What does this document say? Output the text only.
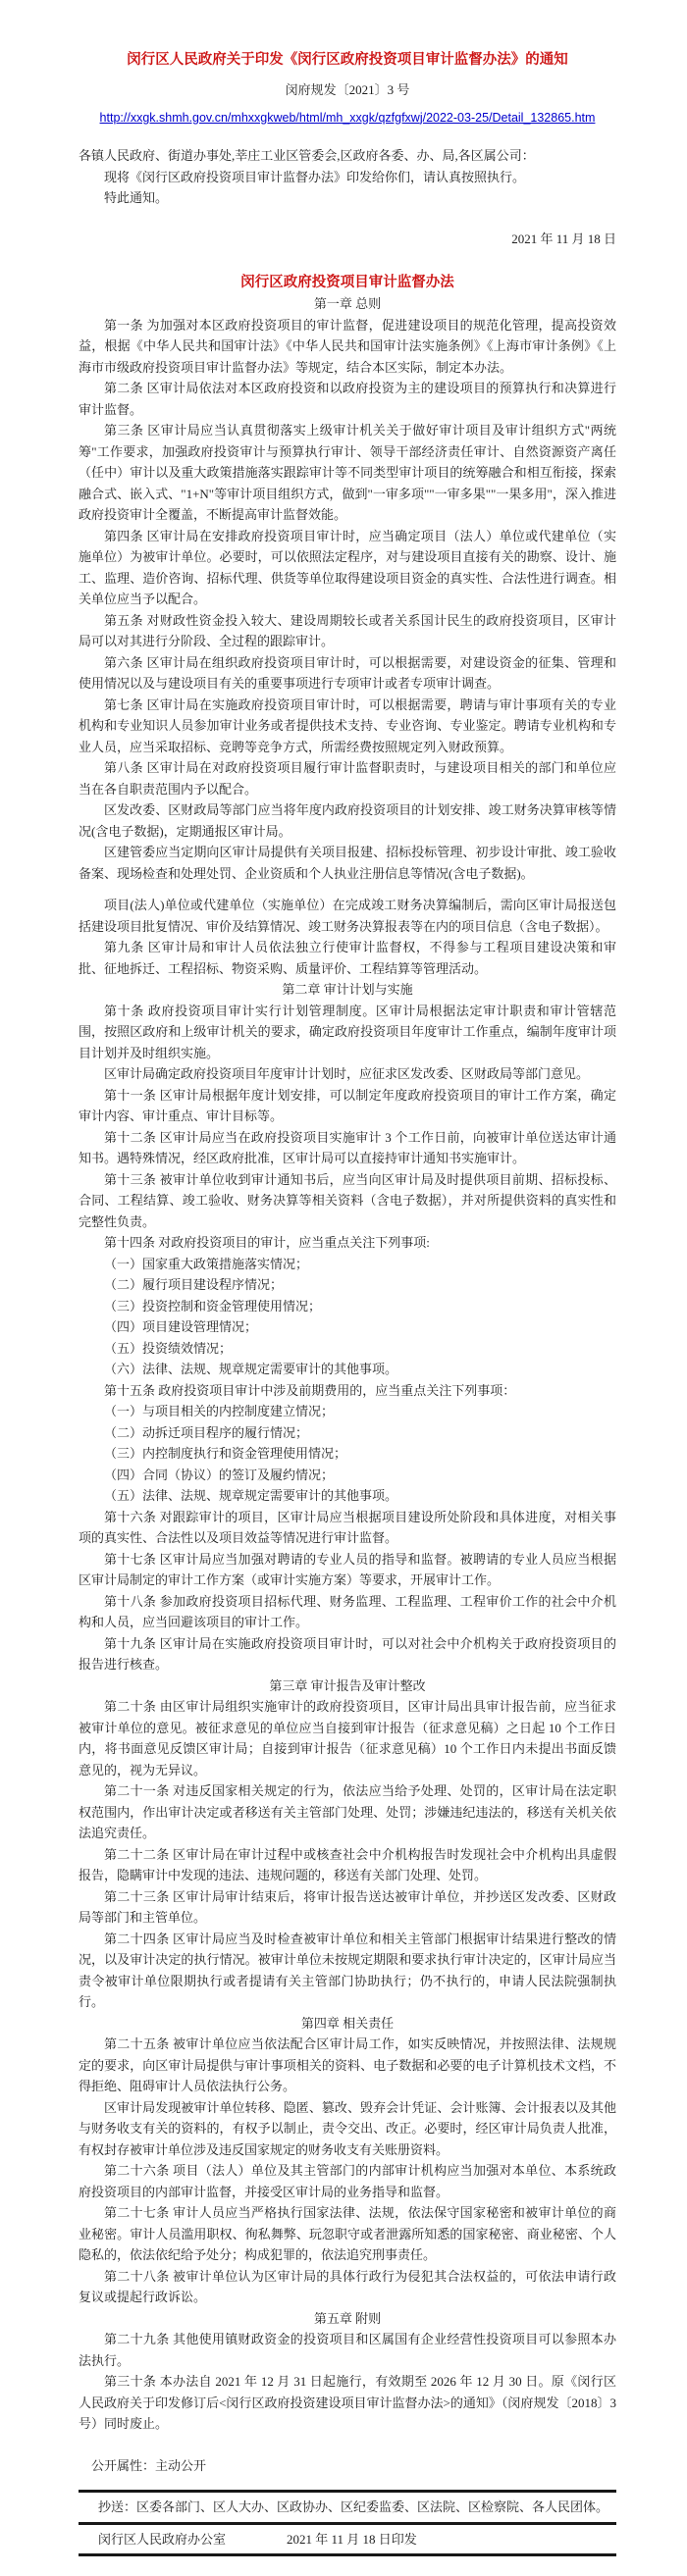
闵行区人民政府关于印发《闵行区政府投资项目审计监督办法》的通知
闵府规发〔2021〕3 号
http://xxgk.shmh.gov.cn/mhxxgkweb/html/mh_xxgk/qzfgfxwj/2022-03-25/Detail_132865.htm
各镇人民政府、街道办事处,莘庄工业区管委会,区政府各委、办、局,各区属公司：

现将《闵行区政府投资项目审计监督办法》印发给你们，请认真按照执行。

特此通知。

2021 年 11 月 18 日
闵行区政府投资项目审计监督办法
第一章 总则

第一条 为加强对本区政府投资项目的审计监督，促进建设项目的规范化管理，提高投资效益，根据《中华人民共和国审计法》《中华人民共和国审计法实施条例》《上海市审计条例》《上海市市级政府投资项目审计监督办法》等规定，结合本区实际，制定本办法。

第二条 区审计局依法对本区政府投资和以政府投资为主的建设项目的预算执行和决算进行审计监督。

第三条 区审计局应当认真贯彻落实上级审计机关关于做好审计项目及审计组织方式"两统筹"工作要求，加强政府投资审计与预算执行审计、领导干部经济责任审计、自然资源资产离任（任中）审计以及重大政策措施落实跟踪审计等不同类型审计项目的统筹融合和相互衔接，探索融合式、嵌入式、"1+N"等审计项目组织方式，做到"一审多项""一审多果""一果多用"，深入推进政府投资审计全覆盖，不断提高审计监督效能。

第四条 区审计局在安排政府投资项目审计时，应当确定项目（法人）单位或代建单位（实施单位）为被审计单位。必要时，可以依照法定程序，对与建设项目直接有关的勘察、设计、施工、监理、造价咨询、招标代理、供货等单位取得建设项目资金的真实性、合法性进行调查。相关单位应当予以配合。

第五条 对财政性资金投入较大、建设周期较长或者关系国计民生的政府投资项目，区审计局可以对其进行分阶段、全过程的跟踪审计。

第六条 区审计局在组织政府投资项目审计时，可以根据需要，对建设资金的征集、管理和使用情况以及与建设项目有关的重要事项进行专项审计或者专项审计调查。

第七条 区审计局在实施政府投资项目审计时，可以根据需要，聘请与审计事项有关的专业机构和专业知识人员参加审计业务或者提供技术支持、专业咨询、专业鉴定。聘请专业机构和专业人员，应当采取招标、竞聘等竞争方式，所需经费按照规定列入财政预算。

第八条 区审计局在对政府投资项目履行审计监督职责时，与建设项目相关的部门和单位应当在各自职责范围内予以配合。

区发改委、区财政局等部门应当将年度内政府投资项目的计划安排、竣工财务决算审核等情况(含电子数据)，定期通报区审计局。

区建管委应当定期向区审计局提供有关项目报建、招标投标管理、初步设计审批、竣工验收备案、现场检查和处理处罚、企业资质和个人执业注册信息等情况(含电子数据)。

项目(法人)单位或代建单位（实施单位）在完成竣工财务决算编制后，需向区审计局报送包括建设项目批复情况、审价及结算情况、竣工财务决算报表等在内的项目信息（含电子数据）。

第九条 区审计局和审计人员依法独立行使审计监督权，不得参与工程项目建设决策和审批、征地拆迁、工程招标、物资采购、质量评价、工程结算等管理活动。

第二章 审计计划与实施

第十条 政府投资项目审计实行计划管理制度。区审计局根据法定审计职责和审计管辖范围，按照区政府和上级审计机关的要求，确定政府投资项目年度审计工作重点，编制年度审计项目计划并及时组织实施。

区审计局确定政府投资项目年度审计计划时，应征求区发改委、区财政局等部门意见。

第十一条 区审计局根据年度计划安排，可以制定年度政府投资项目的审计工作方案，确定审计内容、审计重点、审计目标等。

第十二条 区审计局应当在政府投资项目实施审计 3 个工作日前，向被审计单位送达审计通知书。遇特殊情况，经区政府批准，区审计局可以直接持审计通知书实施审计。

第十三条 被审计单位收到审计通知书后，应当向区审计局及时提供项目前期、招标投标、合同、工程结算、竣工验收、财务决算等相关资料（含电子数据），并对所提供资料的真实性和完整性负责。

第十四条 对政府投资项目的审计，应当重点关注下列事项:

（一）国家重大政策措施落实情况；

（二）履行项目建设程序情况；

（三）投资控制和资金管理使用情况；

（四）项目建设管理情况；

（五）投资绩效情况；

（六）法律、法规、规章规定需要审计的其他事项。

第十五条 政府投资项目审计中涉及前期费用的，应当重点关注下列事项：

（一）与项目相关的内控制度建立情况；

（二）动拆迁项目程序的履行情况；

（三）内控制度执行和资金管理使用情况；

（四）合同（协议）的签订及履约情况；

（五）法律、法规、规章规定需要审计的其他事项。

第十六条 对跟踪审计的项目，区审计局应当根据项目建设所处阶段和具体进度，对相关事项的真实性、合法性以及项目效益等情况进行审计监督。

第十七条 区审计局应当加强对聘请的专业人员的指导和监督。被聘请的专业人员应当根据区审计局制定的审计工作方案（或审计实施方案）等要求，开展审计工作。

第十八条 参加政府投资项目招标代理、财务监理、工程监理、工程审价工作的社会中介机构和人员，应当回避该项目的审计工作。

第十九条 区审计局在实施政府投资项目审计时，可以对社会中介机构关于政府投资项目的报告进行核查。

第三章 审计报告及审计整改

第二十条 由区审计局组织实施审计的政府投资项目，区审计局出具审计报告前，应当征求被审计单位的意见。被征求意见的单位应当自接到审计报告（征求意见稿）之日起 10 个工作日内，将书面意见反馈区审计局；自接到审计报告（征求意见稿）10 个工作日内未提出书面反馈意见的，视为无异议。

第二十一条 对违反国家相关规定的行为，依法应当给予处理、处罚的，区审计局在法定职权范围内，作出审计决定或者移送有关主管部门处理、处罚；涉嫌违纪违法的，移送有关机关依法追究责任。

第二十二条 区审计局在审计过程中或核查社会中介机构报告时发现社会中介机构出具虚假报告，隐瞒审计中发现的违法、违规问题的，移送有关部门处理、处罚。

第二十三条 区审计局审计结束后，将审计报告送达被审计单位，并抄送区发改委、区财政局等部门和主管单位。

第二十四条 区审计局应当及时检查被审计单位和相关主管部门根据审计结果进行整改的情况，以及审计决定的执行情况。被审计单位未按规定期限和要求执行审计决定的，区审计局应当责令被审计单位限期执行或者提请有关主管部门协助执行；仍不执行的，申请人民法院强制执行。

第四章 相关责任

第二十五条 被审计单位应当依法配合区审计局工作，如实反映情况，并按照法律、法规规定的要求，向区审计局提供与审计事项相关的资料、电子数据和必要的电子计算机技术文档，不得拒绝、阻碍审计人员依法执行公务。

区审计局发现被审计单位转移、隐匿、篡改、毁弃会计凭证、会计账簿、会计报表以及其他与财务收支有关的资料的，有权予以制止，责令交出、改正。必要时，经区审计局负责人批准，有权封存被审计单位涉及违反国家规定的财务收支有关账册资料。

第二十六条 项目（法人）单位及其主管部门的内部审计机构应当加强对本单位、本系统政府投资项目的内部审计监督，并接受区审计局的业务指导和监督。

第二十七条 审计人员应当严格执行国家法律、法规，依法保守国家秘密和被审计单位的商业秘密。审计人员滥用职权、徇私舞弊、玩忽职守或者泄露所知悉的国家秘密、商业秘密、个人隐私的，依法依纪给予处分；构成犯罪的，依法追究刑事责任。

第二十八条 被审计单位认为区审计局的具体行政行为侵犯其合法权益的，可依法申请行政复议或提起行政诉讼。

第五章 附则

第二十九条 其他使用镇财政资金的投资项目和区属国有企业经营性投资项目可以参照本办法执行。

第三十条 本办法自 2021 年 12 月 31 日起施行，有效期至 2026 年 12 月 30 日。原《闵行区人民政府关于印发修订后<闵行区政府投资建设项目审计监督办法>的通知》（闵府规发〔2018〕3 号）同时废止。

公开属性：主动公开
抄送：区委各部门、区人大办、区政协办、区纪委监委、区法院、区检察院、各人民团体。
闵行区人民政府办公室	2021 年 11 月 18 日印发
